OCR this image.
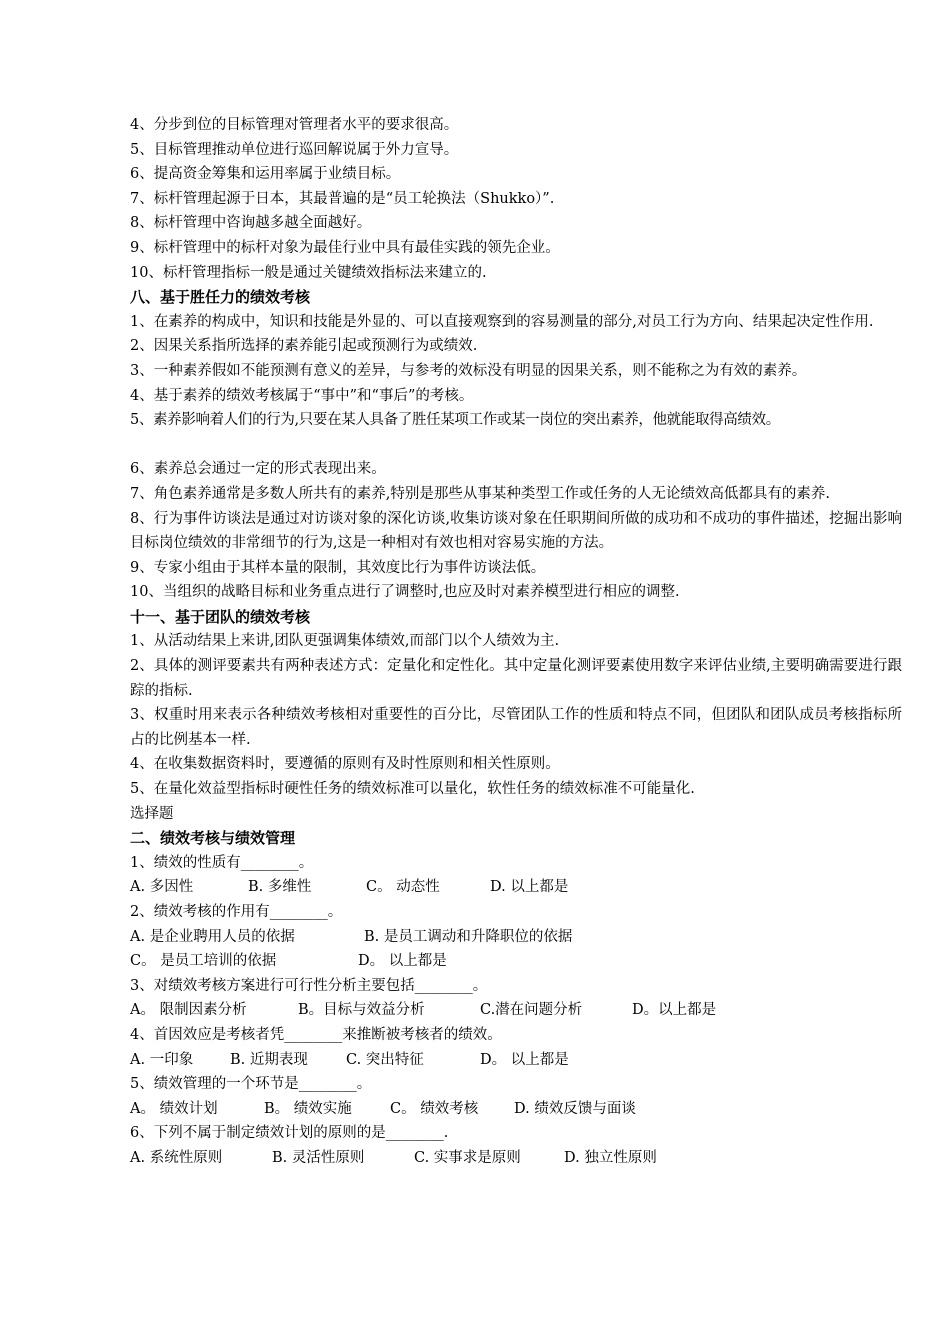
4、分步到位的目标管理对管理者水平的要求很高。

5、目标管理推动单位进行巡回解说属于外力宣导。

6、提高资金筹集和运用率属于业绩目标。

7、标杆管理起源于日本，其最普遍的是“员工轮换法（Shukko）”.

8、标杆管理中咨询越多越全面越好。

9、标杆管理中的标杆对象为最佳行业中具有最佳实践的领先企业。

10、标杆管理指标一般是通过关键绩效指标法来建立的.

八、基于胜任力的绩效考核

1、在素养的构成中，知识和技能是外显的、可以直接观察到的容易测量的部分,对员工行为方向、结果起决定性作用.

2、因果关系指所选择的素养能引起或预测行为或绩效.

3、一种素养假如不能预测有意义的差异，与参考的效标没有明显的因果关系，则不能称之为有效的素养。

4、基于素养的绩效考核属于“事中”和“事后”的考核。

5、素养影响着人们的行为,只要在某人具备了胜任某项工作或某一岗位的突出素养，他就能取得高绩效。

6、素养总会通过一定的形式表现出来。

7、角色素养通常是多数人所共有的素养,特别是那些从事某种类型工作或任务的人无论绩效高低都具有的素养.

8、行为事件访谈法是通过对访谈对象的深化访谈,收集访谈对象在任职期间所做的成功和不成功的事件描述，挖掘出影响目标岗位绩效的非常细节的行为,这是一种相对有效也相对容易实施的方法。

9、专家小组由于其样本量的限制，其效度比行为事件访谈法低。

10、当组织的战略目标和业务重点进行了调整时,也应及时对素养模型进行相应的调整.

十一、基于团队的绩效考核

1、从活动结果上来讲,团队更强调集体绩效,而部门以个人绩效为主.

2、具体的测评要素共有两种表述方式：定量化和定性化。其中定量化测评要素使用数字来评估业绩,主要明确需要进行跟踪的指标.

3、权重时用来表示各种绩效考核相对重要性的百分比，尽管团队工作的性质和特点不同，但团队和团队成员考核指标所占的比例基本一样.

4、在收集数据资料时，要遵循的原则有及时性原则和相关性原则。

5、在量化效益型指标时硬性任务的绩效标准可以量化，软性任务的绩效标准不可能量化.

选择题

二、绩效考核与绩效管理

1、绩效的性质有________。

A. 多因性	B. 多维性	C。 动态性	D. 以上都是

2、绩效考核的作用有________。

A. 是企业聘用人员的依据	B. 是员工调动和升降职位的依据
C。 是员工培训的依据	D。 以上都是

3、对绩效考核方案进行可行性分析主要包括________。

A。 限制因素分析	B。目标与效益分析	C.潜在问题分析	D。以上都是

4、首因效应是考核者凭________来推断被考核者的绩效。

A. 一印象	B. 近期表现	C. 突出特征	D。 以上都是

5、绩效管理的一个环节是________。

A。 绩效计划	B。 绩效实施	C。 绩效考核 D. 绩效反馈与面谈

6、下列不属于制定绩效计划的原则的是________.

A. 系统性原则	B. 灵活性原则	C. 实事求是原则	D. 独立性原则
